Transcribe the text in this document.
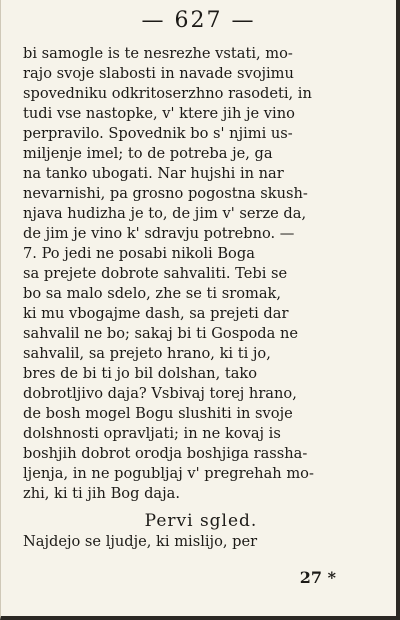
— 627 —
bi samogle is te nesrezhe vstati, mo-
rajo svoje slabosti in navade svojimu
spovedniku odkritoserzhno rasodeti, in
tudi vse nastopke, v' ktere jih je vino
perpravilo. Spovednik bo s' njimi us-
miljenje imel; to de potreba je, ga
na tanko ubogati. Nar hujshi in nar
nevarnishi, pa grosno pogostna skush-
njava hudizha je to, de jim v' serze da,
de jim je vino k' sdravju potrebno. —
7. Po jedi ne posabi nikoli Boga
sa prejete dobrote sahvaliti. Tebi se
bo sa malo sdelo, zhe se ti sromak,
ki mu vbogajme dash, sa prejeti dar
sahvalil ne bo; sakaj bi ti Gospoda ne
sahvalil, sa prejeto hrano, ki ti jo,
bres de bi ti jo bil dolshan, tako
dobrotljivo daja? Vsbivaj torej hrano,
de bosh mogel Bogu slushiti in svoje
dolshnosti opravljati; in ne kovaj is
boshjih dobrot orodja boshjiga rassha-
ljenja, in ne pogubljaj v' pregrehah mo-
zhi, ki ti jih Bog daja.
Pervi sgled.
Najdejo se ljudje, ki mislijo, per
27 *
